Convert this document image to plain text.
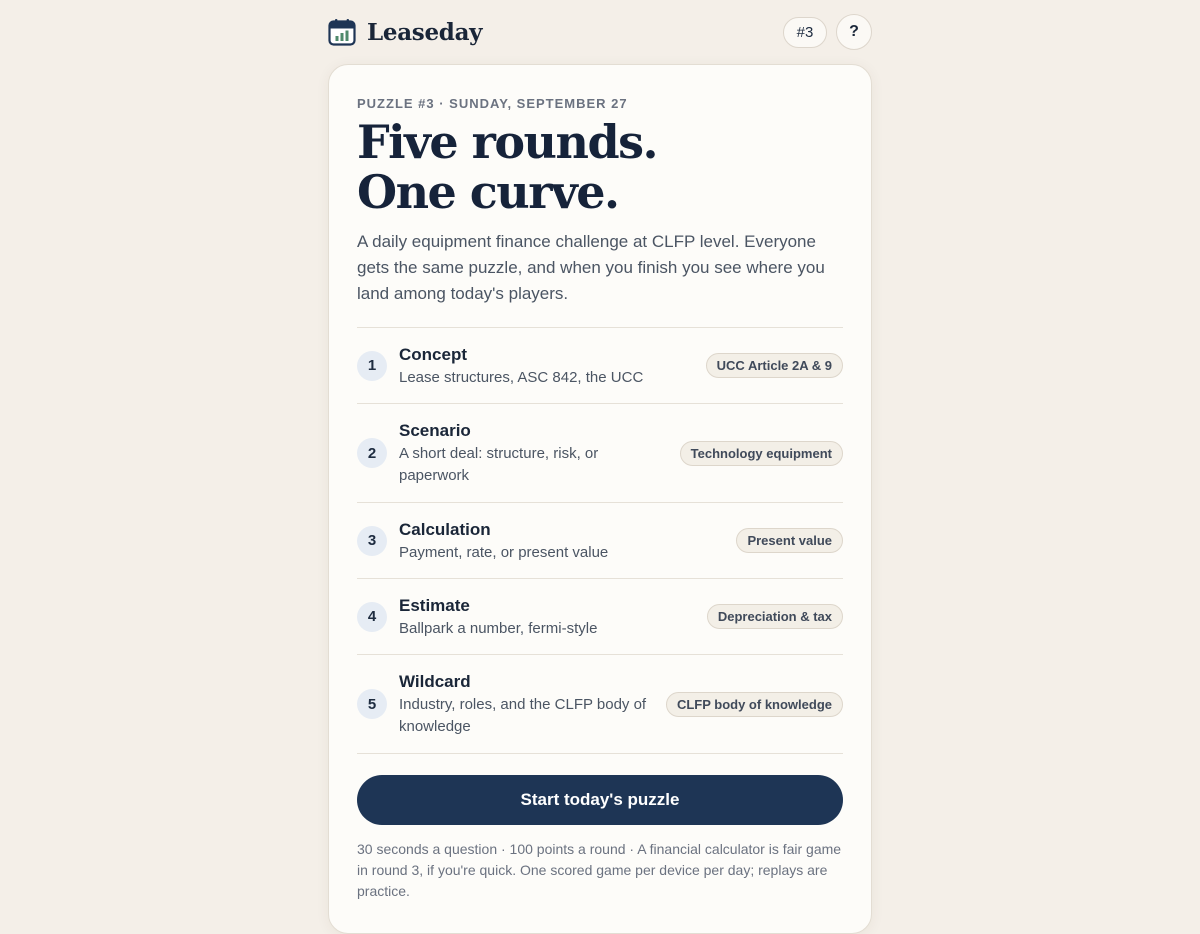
Leaseday	#3	?
PUZZLE #3 · SUNDAY, SEPTEMBER 27
Five rounds.
One curve.

A daily equipment finance challenge at CLFP level. Everyone gets the same puzzle, and when you finish you see where you land among today's players.

1
Concept
Lease structures, ASC 842, the UCC
UCC Article 2A & 9
2
Scenario
A short deal: structure, risk, or paperwork
Technology equipment
3
Calculation
Payment, rate, or present value
Present value
4
Estimate
Ballpark a number, fermi-style
Depreciation & tax
5
Wildcard
Industry, roles, and the CLFP body of knowledge
CLFP body of knowledge
Start today's puzzle

30 seconds a question · 100 points a round · A financial calculator is fair game in round 3, if you're quick. One scored game per device per day; replays are practice.
